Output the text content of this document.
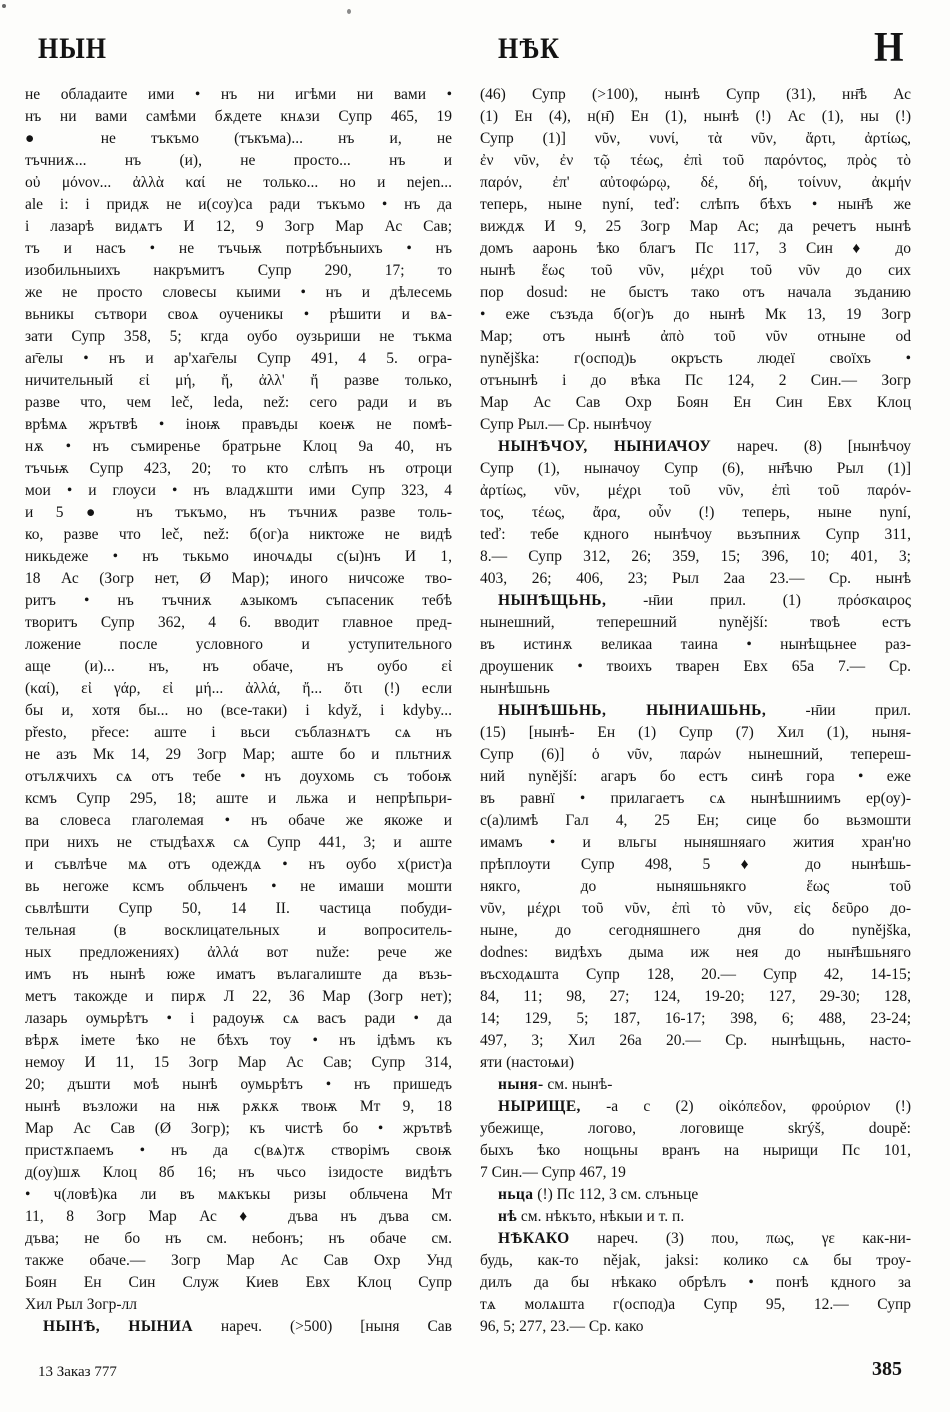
НЫН	НѢК	Н
не обладаите ими • нъ ни игѣми ни вами •
нъ ни вами самѣми бѫдете кнѧзи Супр 465, 19
● не тъкъмо (тъкъма)... нъ и, не
тъчниѫ... нъ (и), не просто... нъ и
οὐ μόνον... ἀλλὰ καί не только... но и nejen...
ale i: і придѫ не и(соу)са ради тъкъмо • нъ да
і лазарѣ видѧтъ И 12, 9 Зогр Мар Ас Сав;
тъ и насъ • не тъчьѭ потрѣбъныихъ • нъ
изобильныихъ накръмитъ Супр 290, 17; то
же не просто словесы кыими • нъ и дѣлесемь
вьникы сътвори своѧ оученикы • рѣшити и вѧ-
зати Супр 358, 5; кгда оубо оузьриши не тъкма
аг̄елы • нъ и ар'хаг̄елы Супр 491, 4 5. огра-
ничительный εἰ μή, ἤ, ἀλλ' ἤ разве только,
разве что, чем leč, leda, než: сего ради и въ
врѣмѧ жрътвѣ • іноѭ правъды коеѭ не помѣ-
нѫ • нъ съмиренье братрьне Клоц 9а 40, нъ
тъчьѭ Супр 423, 20; то кто слѣпъ нъ отроци
мои • и глоуси • нъ владѫшти ими Супр 323, 4
и 5 ● нъ тъкъмо, нъ тъчниѫ разве толь-
ко, разве что leč, než: б(ог)а никтоже не видѣ
никьдеже • нъ тькьмо иночѧды с(ы)нъ И 1,
18 Ас (Зогр нет, Ø Мар); иного ничсоже тво-
ритъ • нъ тъчниѫ ѧзыкомъ съпасеник тебѣ
творитъ Супр 362, 4 6. вводит главное пред-
ложение после условного и уступительного
аще (и)... нъ, нъ обаче, нъ оубо εἰ
(καί), εἰ γάρ, εἰ μή... ἀλλά, ἤ... ὅτι (!) если
бы и, хотя бы... но (все-таки) i když, i kdyby...
přesto, přece: аште і вьси съблазнѧтъ сѧ нъ
не азъ Мк 14, 29 Зогр Мар; аште бо и пльтниѫ
отълѫчихъ сѧ отъ тебе • нъ доухомь съ тобоѭ
ксмъ Супр 295, 18; аште и льжа и непрѣпьри-
ва словеса глаголемая • нъ обаче же якоже и
при нихъ не стыдѣахѫ сѧ Супр 441, 3; и аште
и съвлѣче мѧ отъ одеждѧ • нъ оубо х(рист)а
вь негоже ксмъ обльченъ • не имаши мошти
сьвлѣшти Супр 50, 14 II. частица побуди-
тельная (в восклицательных и вопроситель-
ных предложениях) ἀλλά вот nuže: рече же
имъ нъ нынѣ юже иматъ вълагалиште да възь-
метъ такожде и пирѫ Л 22, 36 Мар (Зогр нет);
лазарь оумьрѣтъ • і радоуѭ сѧ васъ ради • да
вѣрѫ імете ѣко не бѣхъ тоу • нъ ідѣмъ къ
немоу И 11, 15 Зогр Мар Ас Сав; Супр 314,
20; дъшти моѣ нынѣ оумьрѣтъ • нъ пришедъ
нынѣ възложи на нѭ рѫкѫ твоѭ Мт 9, 18
Мар Ас Сав (Ø Зогр); къ чистѣ бо • жрътвѣ
пристѫпаемъ • нъ да с(вѧ)тѫ створімъ своѭ
д(оу)шѫ Клоц 8б 16; нъ чьсо ізидосте видѣтъ
• ч(ловѣ)ка ли въ мѧкъкы ризы обльчена Мт
11, 8 Зогр Мар Ас ♦ дъва нъ дъва см.
дъва; не бо нъ см. небонъ; нъ обаче см.
также обаче.— Зогр Мар Ас Сав Охр Унд
Боян Ен Син Служ Киев Евх Клоц Супр
Хил Рыл Зогр-лл
НЫНѢ, НЫНИА нареч. (>500) [ныня Сав
(46) Супр (>100), нынѣ Супр (31), нн̄ѣ Ас
(1) Ен (4), н(н̄) Ен (1), нынѣ (!) Ас (1), ны (!)
Супр (1)] νῦν, νυνί, τὰ νῦν, ἄρτι, ἀρτίως,
ἐν νῦν, ἐν τῷ τέως, ἐπὶ τοῦ παρόντος, πρὸς τὸ
παρόν, ἐπ' αὐτοφώρῳ, δέ, δή, τοίνυν, ἀκμήν
теперь, ныне nyní, teď: слѣпъ бѣхъ • нын̄ѣ же
виждѫ И 9, 25 Зогр Мар Ас; да речетъ нынѣ
домъ ааронь ѣко благъ Пс 117, 3 Син ♦ до
нынѣ ἕως τοῦ νῦν, μέχρι τοῦ νῦν до сих
пор dosud: не быстъ тако отъ начала зъданию
• еже съзъда б(ог)ъ до нынѣ Мк 13, 19 Зогр
Мар; отъ нынѣ ἀπὸ τοῦ νῦν отныне od
nynějška: г(оспод)ь окръсть людеї своїхъ •
отънынѣ і до вѣка Пс 124, 2 Син.— Зогр
Мар Ас Сав Охр Боян Ен Син Евх Клоц
Супр Рыл.— Ср. нынѣчоу
НЫНѢЧОУ, НЫНИАЧОУ нареч. (8) [нынѣчоу
Супр (1), ныначоу Супр (6), нн̄ѣчю Рыл (1)]
ἀρτίως, νῦν, μέχρι τοῦ νῦν, ἐπὶ τοῦ παρόν-
τος, τέως, ἄρα, οὖν (!) теперь, ныне nyní,
teď: тебе кдного нынѣчоу вьзъпниѫ Супр 311,
8.— Супр 312, 26; 359, 15; 396, 10; 401, 3;
403, 26; 406, 23; Рыл 2аа 23.— Ср. нынѣ
НЫНѢЩЬНЬ, -н̄ии прил. (1) πρόσκαιρος
нынешний, теперешний nynější: твоѣ естъ
въ истинѫ великаа таина • нынѣщьнее раз-
дроушеник • твоихъ тварен Евх 65а 7.— Ср.
нынѣшьнь
НЫНѢШЬНЬ, НЫНИАШЬНЬ, -н̄ии прил.
(15) [нынѣ- Ен (1) Супр (7) Хил (1), ныня-
Супр (6)] ὁ νῦν, παρών нынешний, тепереш-
ний nynější: агаръ бо естъ синѣ гора • еже
въ равнї • прилагаетъ сѧ нынѣшниимъ ер(оу)-
с(а)лимѣ Гал 4, 25 Ен; сице бо вьзмошти
имамъ • и вльгы ныняшняаго жития хран'но
прѣплоути Супр 498, 5 ♦ до нынѣшь-
някго, до ныняшьнякго ἕως τοῦ
νῦν, μέχρι τοῦ νῦν, ἐπὶ τὸ νῦν, εἰς δεῦρο до-
ныне, до сегодняшнего дня do nynějška,
dodnes: видѣхъ дыма иж нея до нын̄ѣшьняго
въсходѧшта Супр 128, 20.— Супр 42, 14-15;
84, 11; 98, 27; 124, 19-20; 127, 29-30; 128,
14; 129, 5; 187, 16-17; 398, 6; 488, 23-24;
497, 3; Хил 26а 20.— Ср. нынѣщьнь, насто-
яти (настоѩи)
ныня- см. нынѣ-
НЫРИЩЕ, -а с (2) οἰκόπεδον, φρούριον (!)
убежище, логово, логовище skrýš, doupě:
быхъ ѣко нощьны вранъ на нырищи Пс 101,
7 Син.— Супр 467, 19
ньца (!) Пс 112, 3 см. слъньце
нѣ см. нѣкъто, нѣкыи и т. п.
НѢКАКО нареч. (3) που, πως, γε как-ни-
будь, как-то nějak, jaksi: колико сѧ бы троу-
дилъ да бы нѣкако обрѣлъ • понѣ кдного за
тѧ молѧшта г(оспод)а Супр 95, 12.— Супр
96, 5; 277, 23.— Ср. како
13 Заказ 777	385
